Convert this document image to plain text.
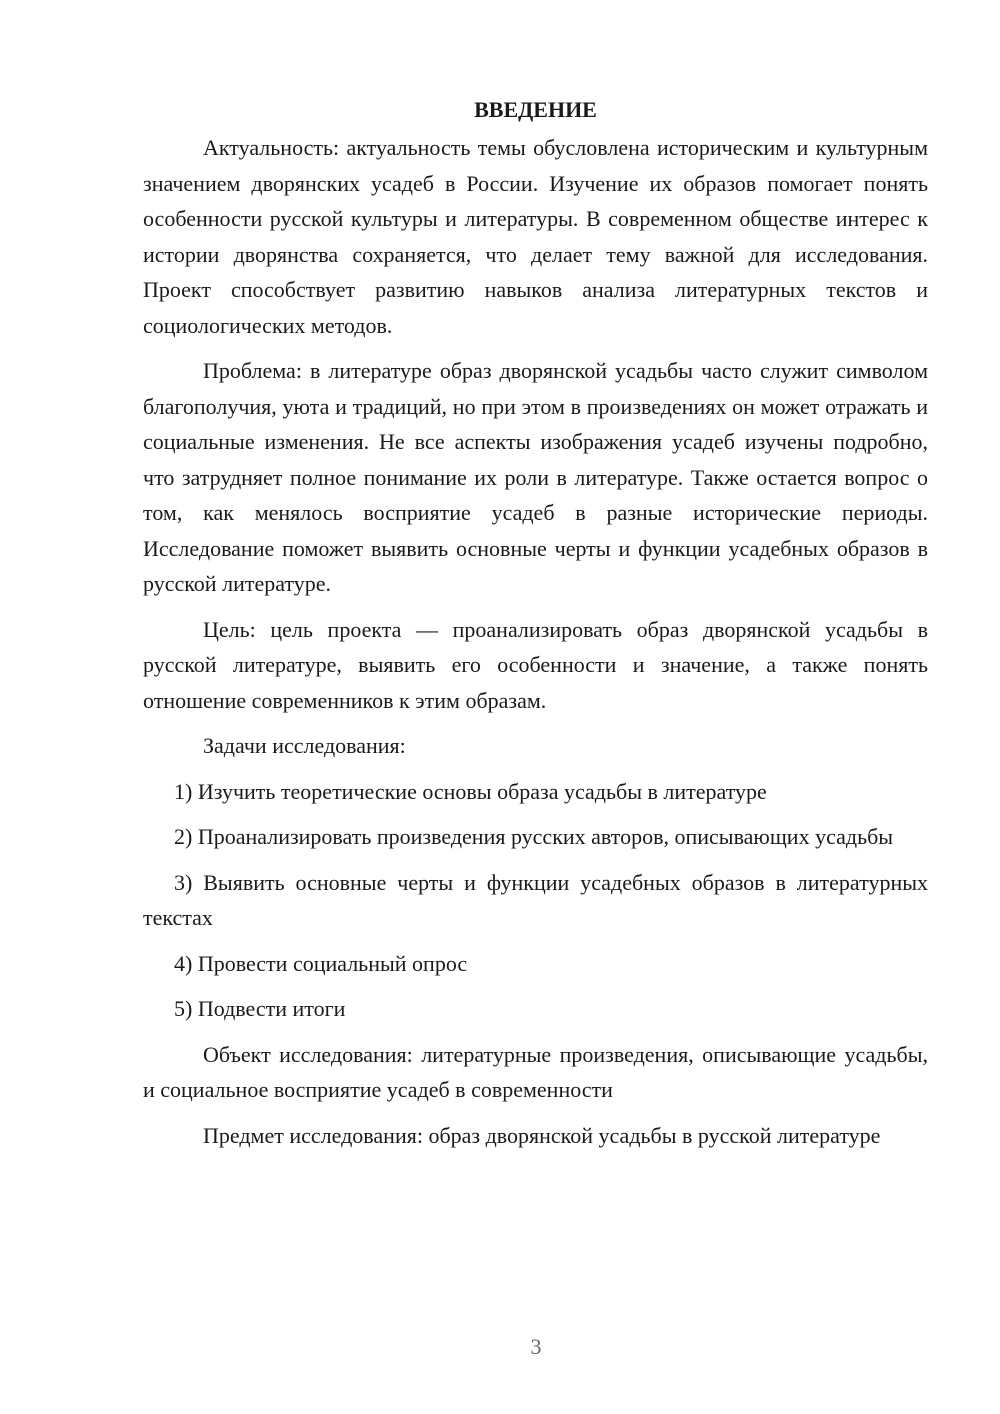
ВВЕДЕНИЕ

Актуальность: актуальность темы обусловлена историческим и культурным значением дворянских усадеб в России. Изучение их образов помогает понять особенности русской культуры и литературы. В современном обществе интерес к истории дворянства сохраняется, что делает тему важной для исследования. Проект способствует развитию навыков анализа литературных текстов и социологических методов.

Проблема: в литературе образ дворянской усадьбы часто служит символом благополучия, уюта и традиций, но при этом в произведениях он может отражать и социальные изменения. Не все аспекты изображения усадеб изучены подробно, что затрудняет полное понимание их роли в литературе. Также остается вопрос о том, как менялось восприятие усадеб в разные исторические периоды. Исследование поможет выявить основные черты и функции усадебных образов в русской литературе.

Цель: цель проекта — проанализировать образ дворянской усадьбы в русской литературе, выявить его особенности и значение, а также понять отношение современников к этим образам.

Задачи исследования:

1) Изучить теоретические основы образа усадьбы в литературе

2) Проанализировать произведения русских авторов, описывающих усадьбы

3) Выявить основные черты и функции усадебных образов в литературных текстах

4) Провести социальный опрос

5) Подвести итоги

Объект исследования: литературные произведения, описывающие усадьбы, и социальное восприятие усадеб в современности

Предмет исследования: образ дворянской усадьбы в русской литературе

3
